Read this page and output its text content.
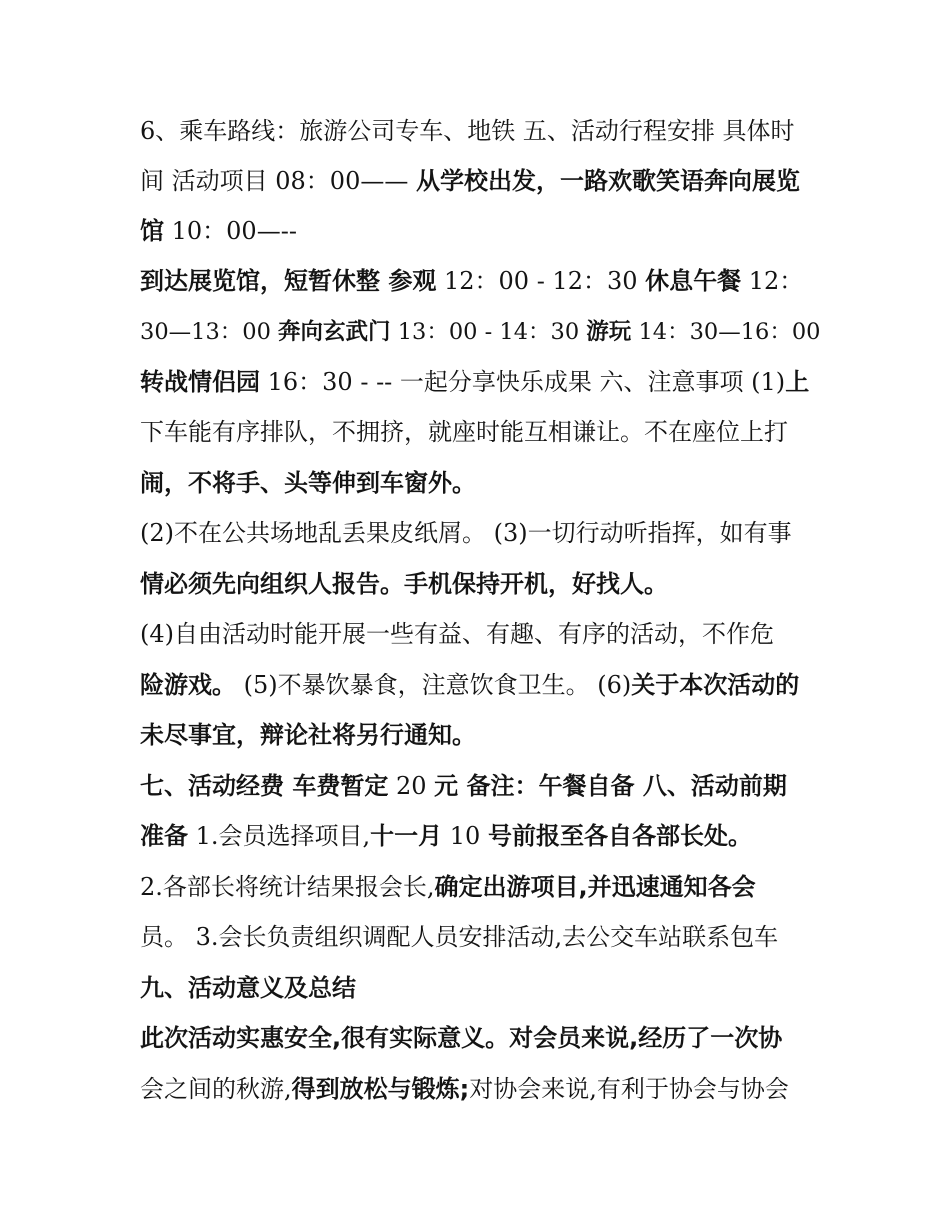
6、乘车路线：旅游公司专车、地铁 五、活动行程安排 具体时
间 活动项目 08：00—— 从学校出发，一路欢歌笑语奔向展览
馆 10：00—--
到达展览馆，短暂休整 参观 12：00 - 12：30 休息午餐 12：
30—13：00 奔向玄武门 13：00 - 14：30 游玩 14：30—16：00
转战情侣园 16：30 - -- 一起分享快乐成果 六、注意事项 (1)上
下车能有序排队，不拥挤，就座时能互相谦让。不在座位上打
闹，不将手、头等伸到车窗外。
(2)不在公共场地乱丢果皮纸屑。 (3)一切行动听指挥，如有事
情必须先向组织人报告。手机保持开机，好找人。
(4)自由活动时能开展一些有益、有趣、有序的活动，不作危
险游戏。 (5)不暴饮暴食，注意饮食卫生。 (6)关于本次活动的
未尽事宜，辩论社将另行通知。
七、活动经费 车费暂定 20 元 备注：午餐自备 八、活动前期
准备 1.会员选择项目,十一月 10 号前报至各自各部长处。
2.各部长将统计结果报会长,确定出游项目,并迅速通知各会
员。 3.会长负责组织调配人员安排活动,去公交车站联系包车
九、活动意义及总结
此次活动实惠安全,很有实际意义。对会员来说,经历了一次协
会之间的秋游,得到放松与锻炼;对协会来说,有利于协会与协会
